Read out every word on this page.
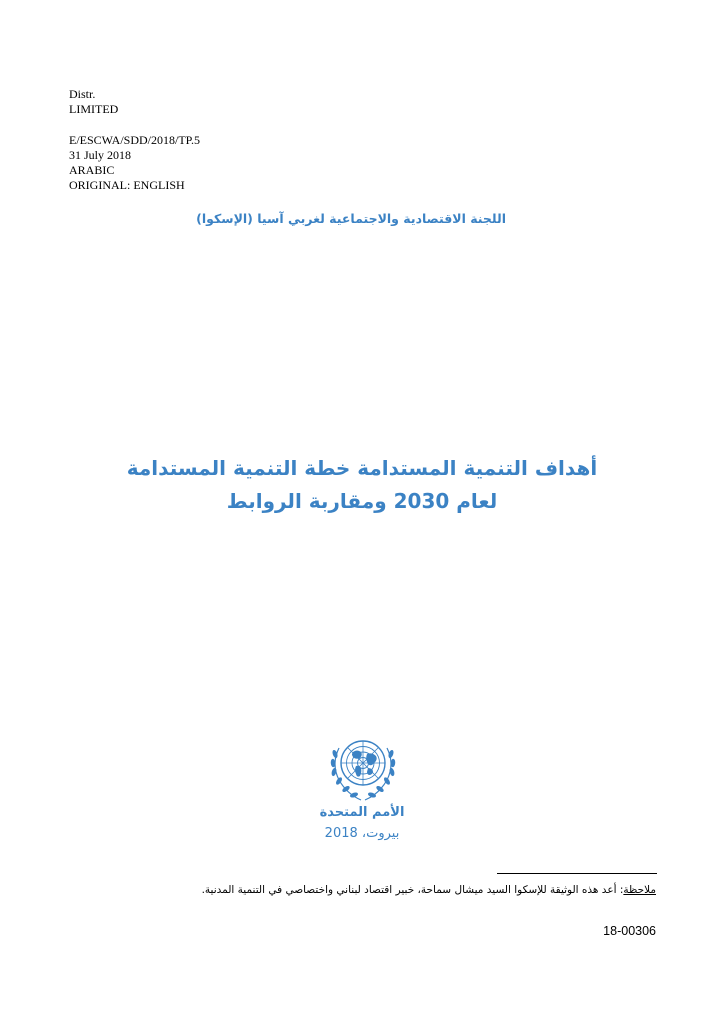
Distr.
LIMITED
E/ESCWA/SDD/2018/TP.5
31 July 2018
ARABIC
ORIGINAL: ENGLISH
اللجنة الاقتصادية والاجتماعية لغربي آسيا (الإسكوا)
أهداف التنمية المستدامة خطة التنمية المستدامة
لعام 2030 ومقاربة الروابط
الأمم المتحدة
بيروت، 2018
ملاحظة: أعد هذه الوثيقة للإسكوا السيد ميشال سماحة، خبير اقتصاد لبناني واختصاصي في التنمية المدنية.
18-00306
